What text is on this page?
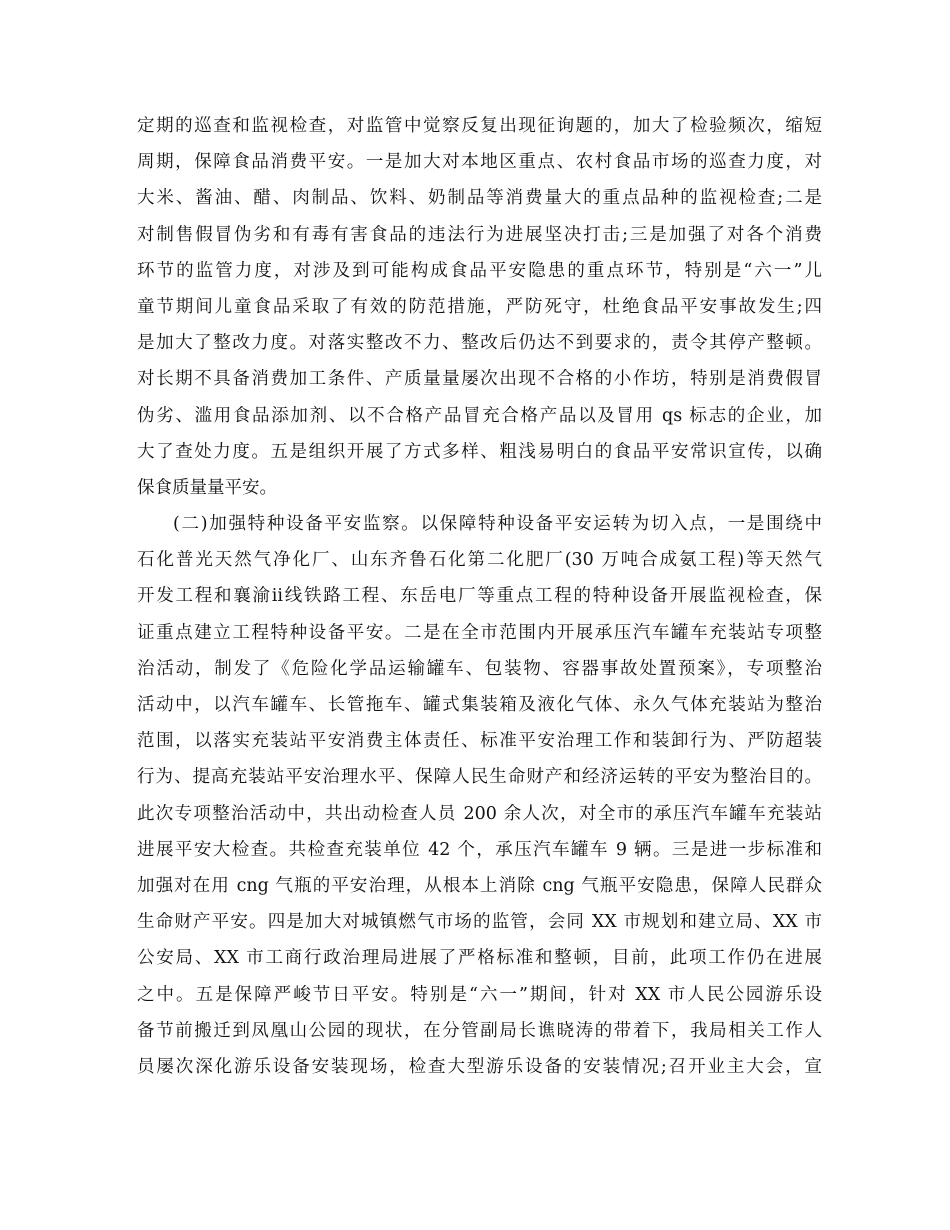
定期的巡查和监视检查，对监管中觉察反复出现征询题的，加大了检验频次，缩短
周期，保障食品消费平安。一是加大对本地区重点、农村食品市场的巡查力度，对
大米、酱油、醋、肉制品、饮料、奶制品等消费量大的重点品种的监视检查;二是
对制售假冒伪劣和有毒有害食品的违法行为进展坚决打击;三是加强了对各个消费
环节的监管力度，对涉及到可能构成食品平安隐患的重点环节，特别是“六一”儿
童节期间儿童食品采取了有效的防范措施，严防死守，杜绝食品平安事故发生;四
是加大了整改力度。对落实整改不力、整改后仍达不到要求的，责令其停产整顿。
对长期不具备消费加工条件、产质量量屡次出现不合格的小作坊，特别是消费假冒
伪劣、滥用食品添加剂、以不合格产品冒充合格产品以及冒用 qs 标志的企业，加
大了查处力度。五是组织开展了方式多样、粗浅易明白的食品平安常识宣传，以确
保食质量量平安。
(二)加强特种设备平安监察。以保障特种设备平安运转为切入点，一是围绕中
石化普光天然气净化厂、山东齐鲁石化第二化肥厂(30 万吨合成氨工程)等天然气
开发工程和襄渝ii线铁路工程、东岳电厂等重点工程的特种设备开展监视检查，保
证重点建立工程特种设备平安。二是在全市范围内开展承压汽车罐车充装站专项整
治活动，制发了《危险化学品运输罐车、包装物、容器事故处置预案》，专项整治
活动中，以汽车罐车、长管拖车、罐式集装箱及液化气体、永久气体充装站为整治
范围，以落实充装站平安消费主体责任、标准平安治理工作和装卸行为、严防超装
行为、提高充装站平安治理水平、保障人民生命财产和经济运转的平安为整治目的。
此次专项整治活动中，共出动检查人员 200 余人次，对全市的承压汽车罐车充装站
进展平安大检查。共检查充装单位 42 个，承压汽车罐车 9 辆。三是进一步标准和
加强对在用 cng 气瓶的平安治理，从根本上消除 cng 气瓶平安隐患，保障人民群众
生命财产平安。四是加大对城镇燃气市场的监管，会同 XX 市规划和建立局、XX 市
公安局、XX 市工商行政治理局进展了严格标准和整顿，目前，此项工作仍在进展
之中。五是保障严峻节日平安。特别是“六一”期间，针对 XX 市人民公园游乐设
备节前搬迁到凤凰山公园的现状，在分管副局长谯晓涛的带着下，我局相关工作人
员屡次深化游乐设备安装现场，检查大型游乐设备的安装情况;召开业主大会，宣
